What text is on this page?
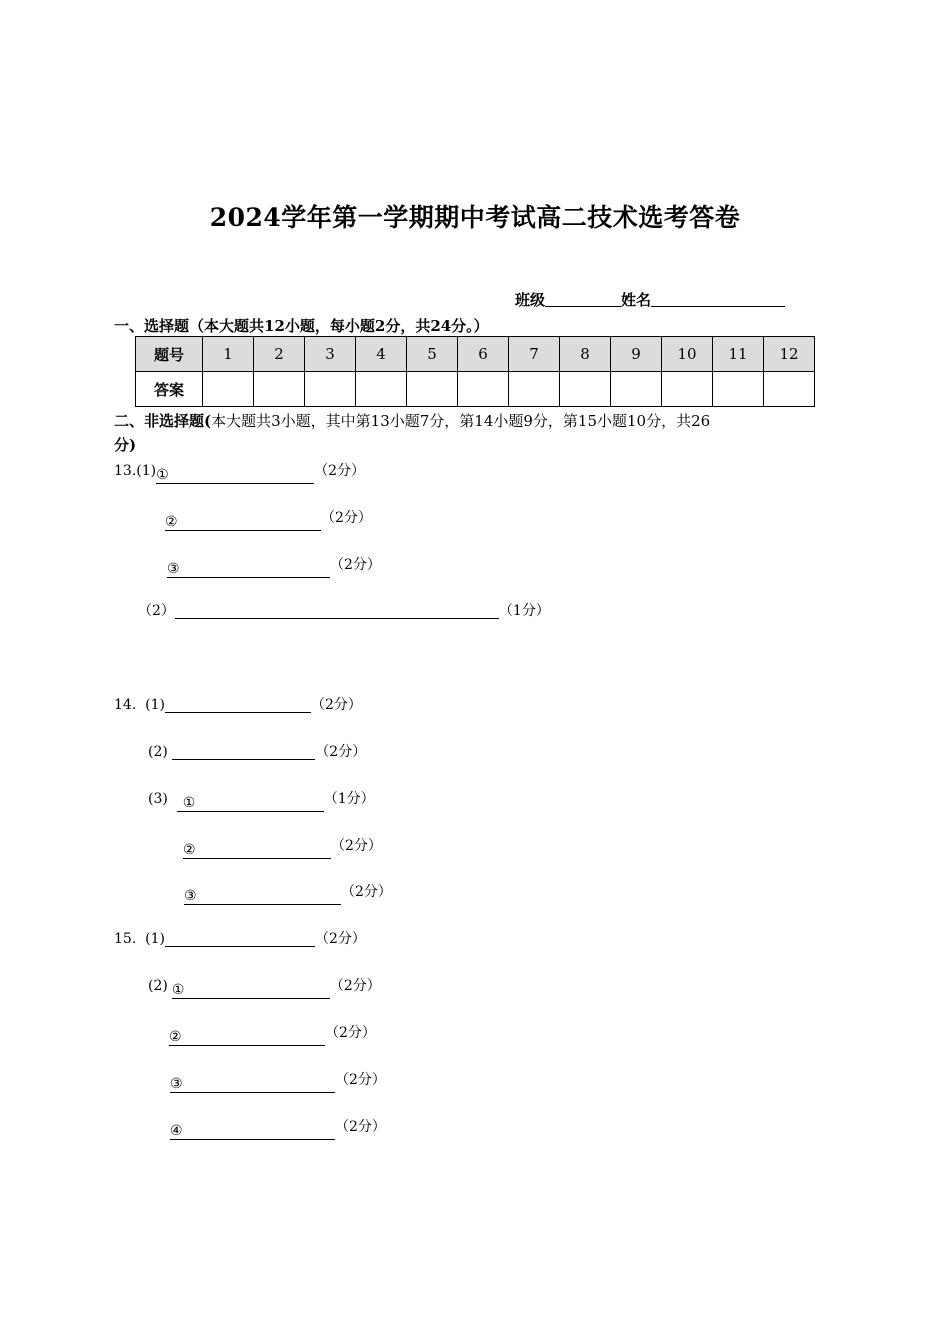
2024学年第一学期期中考试高二技术选考答卷
班级	姓名
一、选择题（本大题共12小题，每小题2分，共24分。）
题号	1	2	3	4	5	6	7	8	9	10	11	12
答案												
二、非选择题(本大题共3小题，其中第13小题7分，第14小题9分，第15小题10分，共26
分)
13.(1)①	（2分）
②	（2分）
③	（2分）
（2）	（1分）
14. (1)	（2分）
(2)	（2分）
(3) ①	（1分）
②	（2分）
③	（2分）
15. (1)	（2分）
(2) ①	（2分）
②	（2分）
③	（2分）
④	（2分）
